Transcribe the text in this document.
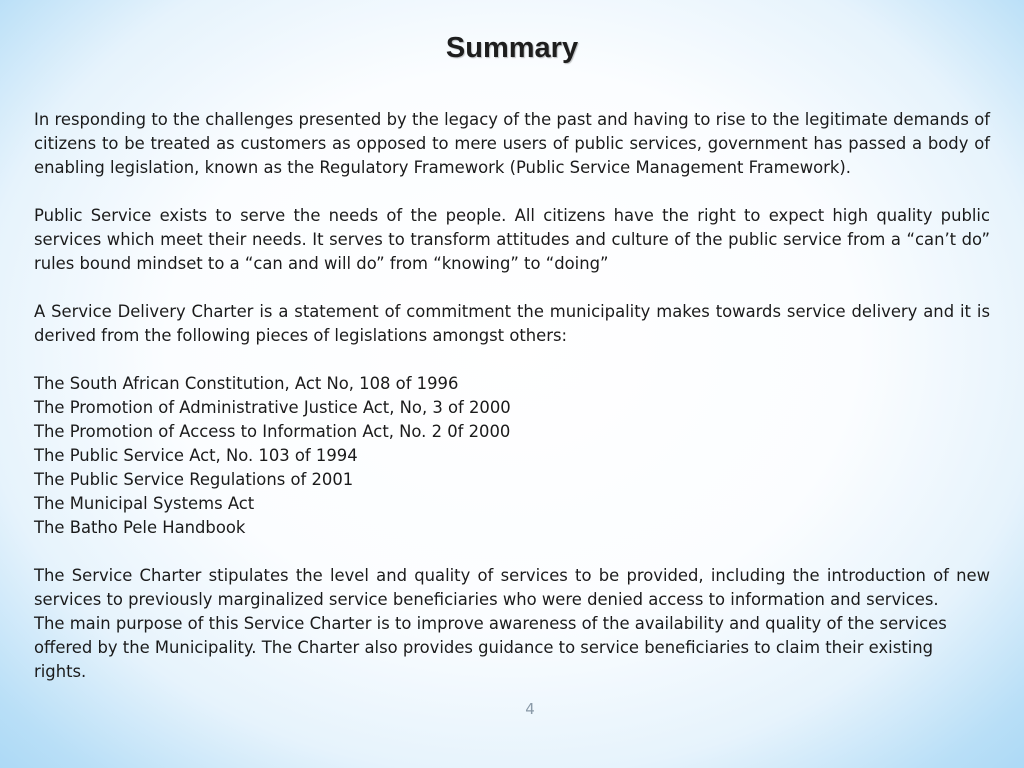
Summary

In responding to the challenges presented by the legacy of the past and having to rise to the legitimate demands of citizens to be treated as customers as opposed to mere users of public services, government has passed a body of enabling legislation, known as the Regulatory Framework (Public Service Management Framework).

Public Service exists to serve the needs of the people. All citizens have the right to expect high quality public services which meet their needs. It serves to transform attitudes and culture of the public service from a “can’t do” rules bound mindset to a “can and will do” from “knowing” to “doing”

A Service Delivery Charter is a statement of commitment the municipality makes towards service delivery and it is derived from the following pieces of legislations amongst others:

The South African Constitution, Act No, 108 of 1996
The Promotion of Administrative Justice Act, No, 3 of 2000
The Promotion of Access to Information Act, No. 2 0f 2000
The Public Service Act, No. 103 of 1994
The Public Service Regulations of 2001
The Municipal Systems Act
The Batho Pele Handbook

The Service Charter stipulates the level and quality of services to be provided, including the introduction of new services to previously marginalized service beneficiaries who were denied access to information and services.

The main purpose of this Service Charter is to improve awareness of the availability and quality of the services offered by the Municipality. The Charter also provides guidance to service beneficiaries to claim their existing rights.

4
